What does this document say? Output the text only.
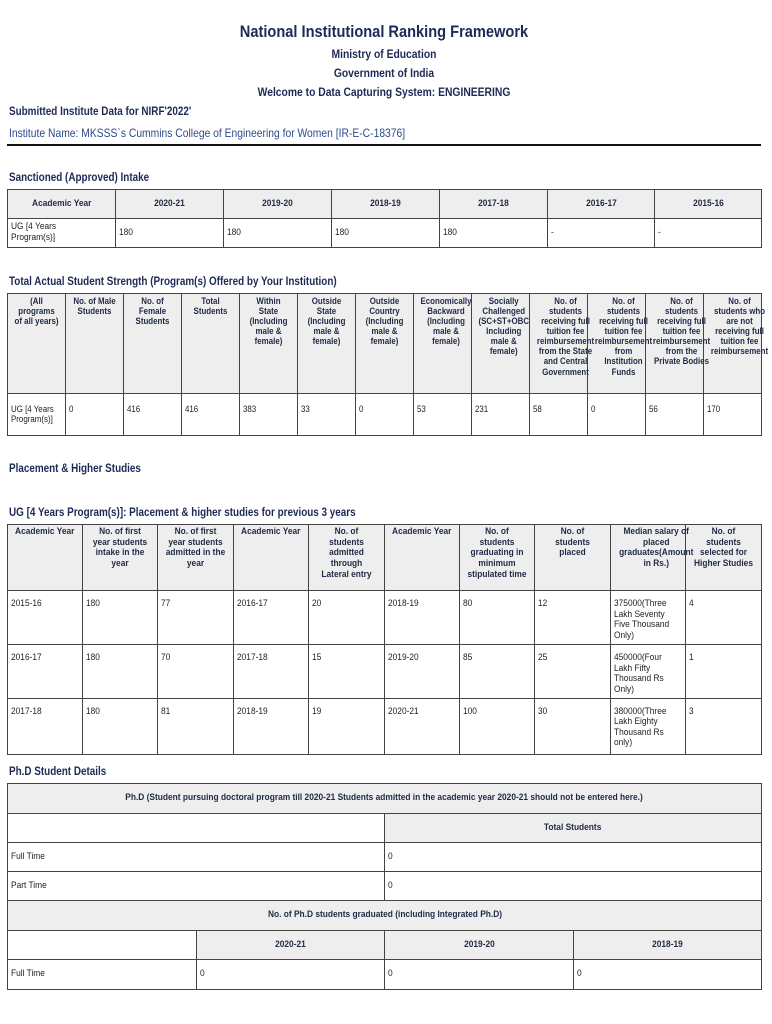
National Institutional Ranking Framework
Ministry of Education
Government of India
Welcome to Data Capturing System: ENGINEERING
Submitted Institute Data for NIRF'2022'
Institute Name: MKSSS`s Cummins College of Engineering for Women [IR-E-C-18376]
Sanctioned (Approved) Intake
Academic Year	2020-21	2019-20	2018-19	2017-18	2016-17	2015-16
UG [4 Years Program(s)]	180	180	180	180	-	-
Total Actual Student Strength (Program(s) Offered by Your Institution)
(All programs of all years)	No. of Male Students	No. of Female Students	Total Students	Within State (Including male & female)	Outside State (Including male & female)	Outside Country (Including male & female)	Economically Backward (Including male & female)	Socially Challenged (SC+ST+OBC Including male & female)	No. of students receiving full tuition fee reimbursement from the State and Central Government	No. of students receiving full tuition fee reimbursement from Institution Funds	No. of students receiving full tuition fee reimbursement from the Private Bodies	No. of students who are not receiving full tuition fee reimbursement
UG [4 Years Program(s)]	0	416	416	383	33	0	53	231	58	0	56	170
Placement & Higher Studies
UG [4 Years Program(s)]: Placement & higher studies for previous 3 years
Academic Year	No. of first year students intake in the year	No. of first year students admitted in the year	Academic Year	No. of students admitted through Lateral entry	Academic Year	No. of students graduating in minimum stipulated time	No. of students placed	Median salary of placed graduates(Amount in Rs.)	No. of students selected for Higher Studies
2015-16	180	77	2016-17	20	2018-19	80	12	375000(Three Lakh Seventy Five Thousand Only)	4
2016-17	180	70	2017-18	15	2019-20	85	25	450000(Four Lakh Fifty Thousand Rs Only)	1
2017-18	180	81	2018-19	19	2020-21	100	30	380000(Three Lakh Eighty Thousand Rs only)	3
Ph.D Student Details
Ph.D (Student pursuing doctoral program till 2020-21 Students admitted in the academic year 2020-21 should not be entered here.)			
		Total Students	
Full Time		0	
Part Time		0	
No. of Ph.D students graduated (including Integrated Ph.D)			
	2020-21	2019-20	2018-19
Full Time	0	0	0
